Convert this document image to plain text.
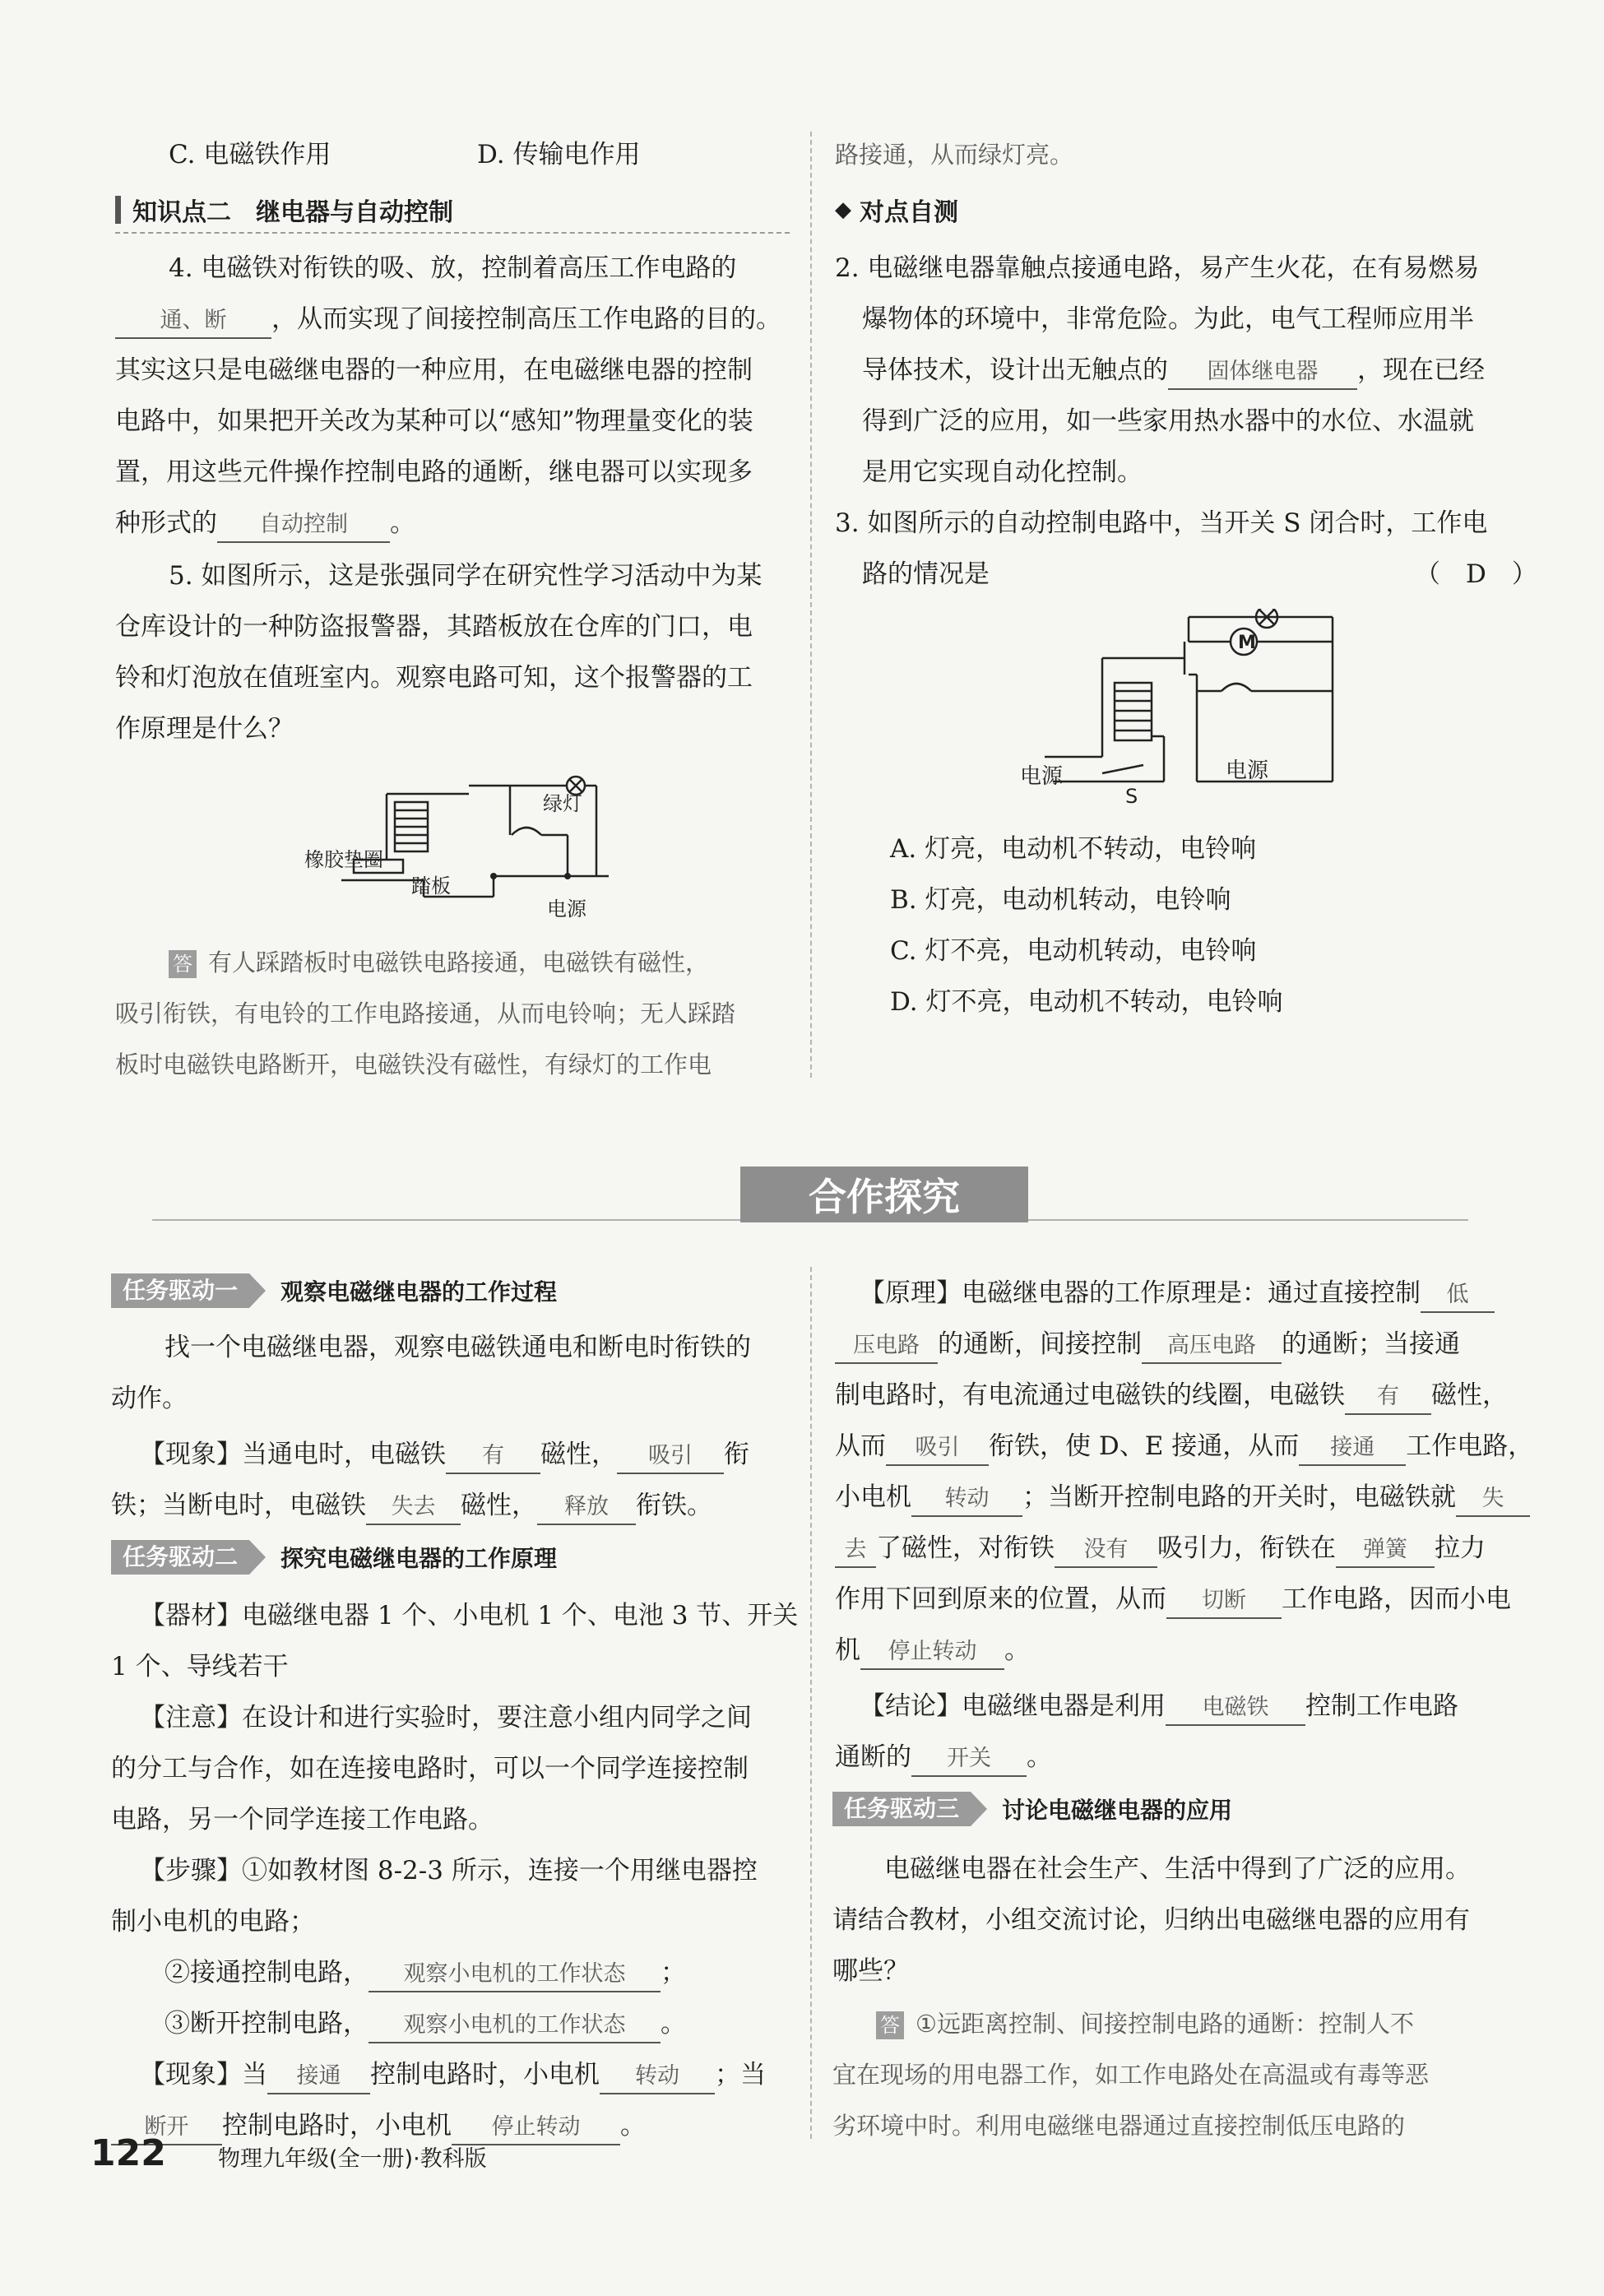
C. 电磁铁作用	D. 传输电作用
知识点二　继电器与自动控制
4. 电磁铁对衔铁的吸、放，控制着高压工作电路的
通、断 ，从而实现了间接控制高压工作电路的目的。
其实这只是电磁继电器的一种应用，在电磁继电器的控制
电路中，如果把开关改为某种可以“感知”物理量变化的装
置，用这些元件操作控制电路的通断，继电器可以实现多
种形式的 自动控制 。
5. 如图所示，这是张强同学在研究性学习活动中为某
仓库设计的一种防盗报警器，其踏板放在仓库的门口，电
铃和灯泡放在值班室内。观察电路可知，这个报警器的工
作原理是什么？
绿灯
橡胶垫圈
踏板
电源
答 有人踩踏板时电磁铁电路接通，电磁铁有磁性，
吸引衔铁，有电铃的工作电路接通，从而电铃响；无人踩踏
板时电磁铁电路断开，电磁铁没有磁性，有绿灯的工作电
路接通，从而绿灯亮。
◆ 对点自测
2. 电磁继电器靠触点接通电路，易产生火花，在有易燃易
爆物体的环境中，非常危险。为此，电气工程师应用半
导体技术，设计出无触点的 固体继电器 ，现在已经
得到广泛的应用，如一些家用热水器中的水位、水温就
是用它实现自动化控制。
3. 如图所示的自动控制电路中，当开关 S 闭合时，工作电
路的情况是	（　D　）
M
电源	电源
S
A. 灯亮，电动机不转动，电铃响
B. 灯亮，电动机转动，电铃响
C. 灯不亮，电动机转动，电铃响
D. 灯不亮，电动机不转动，电铃响
合作探究
任务驱动一	观察电磁继电器的工作过程
找一个电磁继电器，观察电磁铁通电和断电时衔铁的
动作。
【现象】当通电时，电磁铁 有 磁性， 吸引 衔
铁；当断电时，电磁铁 失去 磁性， 释放 衔铁。
任务驱动二	探究电磁继电器的工作原理
【器材】电磁继电器 1 个、小电机 1 个、电池 3 节、开关
1 个、导线若干
【注意】在设计和进行实验时，要注意小组内同学之间
的分工与合作，如在连接电路时，可以一个同学连接控制
电路，另一个同学连接工作电路。
【步骤】①如教材图 8-2-3 所示，连接一个用继电器控
制小电机的电路；
②接通控制电路， 观察小电机的工作状态 ；
③断开控制电路， 观察小电机的工作状态 。
【现象】当 接通 控制电路时，小电机 转动 ；当
断开 控制电路时，小电机 停止转动 。
【原理】电磁继电器的工作原理是：通过直接控制 低
压电路 的通断，间接控制 高压电路 的通断；当接通
制电路时，有电流通过电磁铁的线圈，电磁铁 有 磁性，
从而 吸引 衔铁，使 D、E 接通，从而 接通 工作电路，
小电机 转动 ；当断开控制电路的开关时，电磁铁就 失
去 了磁性，对衔铁 没有 吸引力，衔铁在 弹簧 拉力
作用下回到原来的位置，从而 切断 工作电路，因而小电
机 停止转动 。
【结论】电磁继电器是利用 电磁铁 控制工作电路
通断的 开关 。
任务驱动三	讨论电磁继电器的应用
电磁继电器在社会生产、生活中得到了广泛的应用。
请结合教材，小组交流讨论，归纳出电磁继电器的应用有
哪些？
答 ①远距离控制、间接控制电路的通断：控制人不
宜在现场的用电器工作，如工作电路处在高温或有毒等恶
劣环境中时。利用电磁继电器通过直接控制低压电路的
122 物理九年级(全一册)·教科版
